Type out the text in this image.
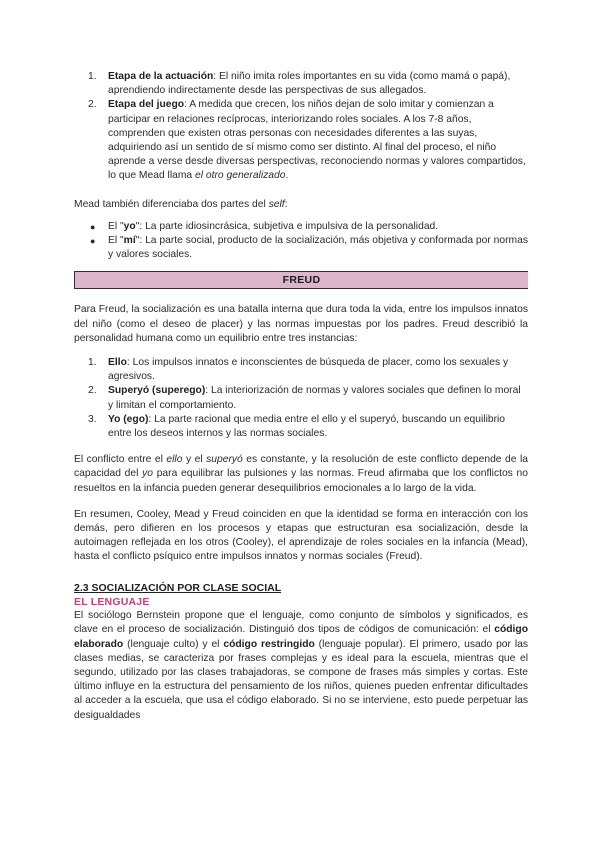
1. Etapa de la actuación: El niño imita roles importantes en su vida (como mamá o papá), aprendiendo indirectamente desde las perspectivas de sus allegados.
2. Etapa del juego: A medida que crecen, los niños dejan de solo imitar y comienzan a participar en relaciones recíprocas, interiorizando roles sociales. A los 7-8 años, comprenden que existen otras personas con necesidades diferentes a las suyas, adquiriendo así un sentido de sí mismo como ser distinto. Al final del proceso, el niño aprende a verse desde diversas perspectivas, reconociendo normas y valores compartidos, lo que Mead llama el otro generalizado.

Mead también diferenciaba dos partes del self:

● El "yo": La parte idiosincrásica, subjetiva e impulsiva de la personalidad.
● El "mí": La parte social, producto de la socialización, más objetiva y conformada por normas y valores sociales.
FREUD

Para Freud, la socialización es una batalla interna que dura toda la vida, entre los impulsos innatos del niño (como el deseo de placer) y las normas impuestas por los padres. Freud describió la personalidad humana como un equilibrio entre tres instancias:

1. Ello: Los impulsos innatos e inconscientes de búsqueda de placer, como los sexuales y agresivos.
2. Superyó (superego): La interiorización de normas y valores sociales que definen lo moral y limitan el comportamiento.
3. Yo (ego): La parte racional que media entre el ello y el superyó, buscando un equilibrio entre los deseos internos y las normas sociales.

El conflicto entre el ello y el superyó es constante, y la resolución de este conflicto depende de la capacidad del yo para equilibrar las pulsiones y las normas. Freud afirmaba que los conflictos no resueltos en la infancia pueden generar desequilibrios emocionales a lo largo de la vida.

En resumen, Cooley, Mead y Freud coinciden en que la identidad se forma en interacción con los demás, pero difieren en los procesos y etapas que estructuran esa socialización, desde la autoimagen reflejada en los otros (Cooley), el aprendizaje de roles sociales en la infancia (Mead), hasta el conflicto psíquico entre impulsos innatos y normas sociales (Freud).

2.3 SOCIALIZACIÓN POR CLASE SOCIAL
EL LENGUAJE

El sociólogo Bernstein propone que el lenguaje, como conjunto de símbolos y significados, es clave en el proceso de socialización. Distinguió dos tipos de códigos de comunicación: el código elaborado (lenguaje culto) y el código restringido (lenguaje popular). El primero, usado por las clases medias, se caracteriza por frases complejas y es ideal para la escuela, mientras que el segundo, utilizado por las clases trabajadoras, se compone de frases más simples y cortas. Este último influye en la estructura del pensamiento de los niños, quienes pueden enfrentar dificultades al acceder a la escuela, que usa el código elaborado. Si no se interviene, esto puede perpetuar las desigualdades
